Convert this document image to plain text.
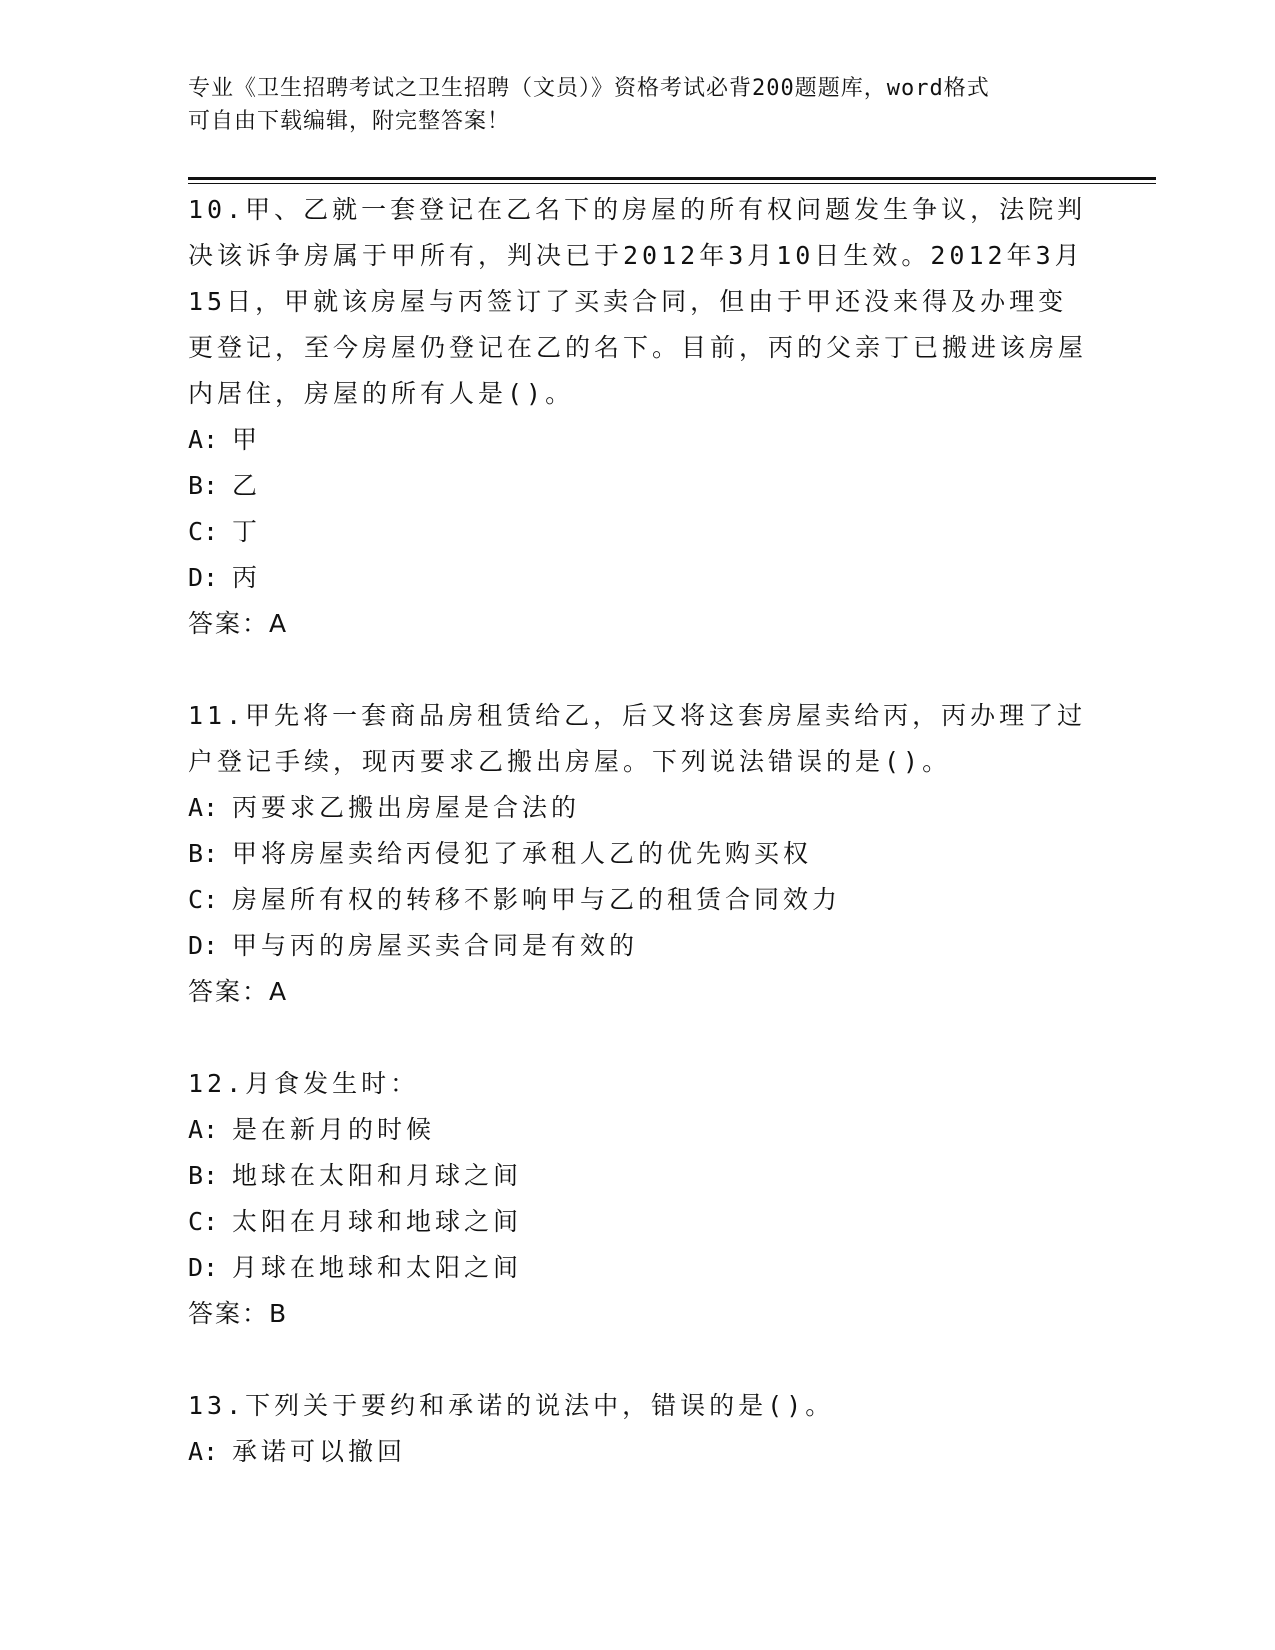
专业《卫生招聘考试之卫生招聘（文员）》资格考试必背200题题库，word格式
可自由下载编辑，附完整答案！

10.甲、乙就一套登记在乙名下的房屋的所有权问题发生争议，法院判决该诉争房属于甲所有，判决已于2012年3月10日生效。2012年3月15日，甲就该房屋与丙签订了买卖合同，但由于甲还没来得及办理变更登记，至今房屋仍登记在乙的名下。目前，丙的父亲丁已搬进该房屋内居住，房屋的所有人是()。

A: 甲

B: 乙

C: 丁

D: 丙

答案：A

11.甲先将一套商品房租赁给乙，后又将这套房屋卖给丙，丙办理了过户登记手续，现丙要求乙搬出房屋。下列说法错误的是()。

A: 丙要求乙搬出房屋是合法的

B: 甲将房屋卖给丙侵犯了承租人乙的优先购买权

C: 房屋所有权的转移不影响甲与乙的租赁合同效力

D: 甲与丙的房屋买卖合同是有效的

答案：A

12.月食发生时：

A: 是在新月的时候

B: 地球在太阳和月球之间

C: 太阳在月球和地球之间

D: 月球在地球和太阳之间

答案：B

13.下列关于要约和承诺的说法中，错误的是()。

A: 承诺可以撤回
